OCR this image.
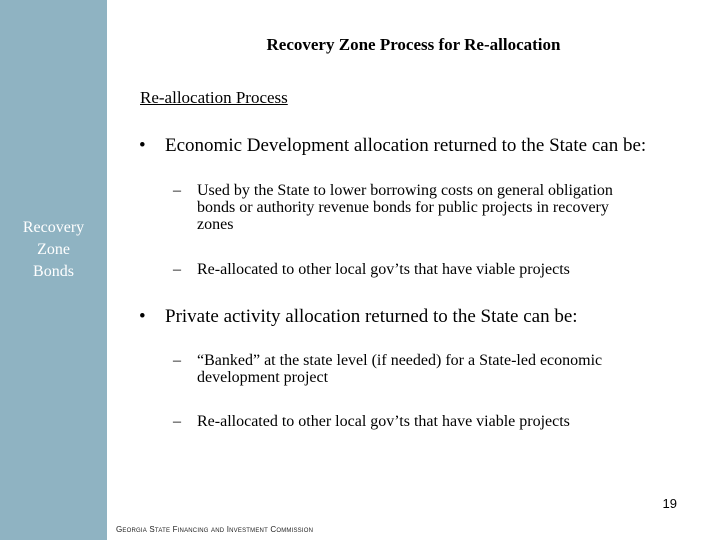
Recovery
Zone
Bonds
Recovery Zone Process for Re-allocation
Re-allocation Process
• Economic Development allocation returned to the State can be:
– Used by the State to lower borrowing costs on general obligation bonds or authority revenue bonds for public projects in recovery zones
– Re-allocated to other local gov’ts that have viable projects
• Private activity allocation returned to the State can be:
– “Banked” at the state level (if needed) for a State-led economic development project
– Re-allocated to other local gov’ts that have viable projects
19
Georgia State Financing and Investment Commission
